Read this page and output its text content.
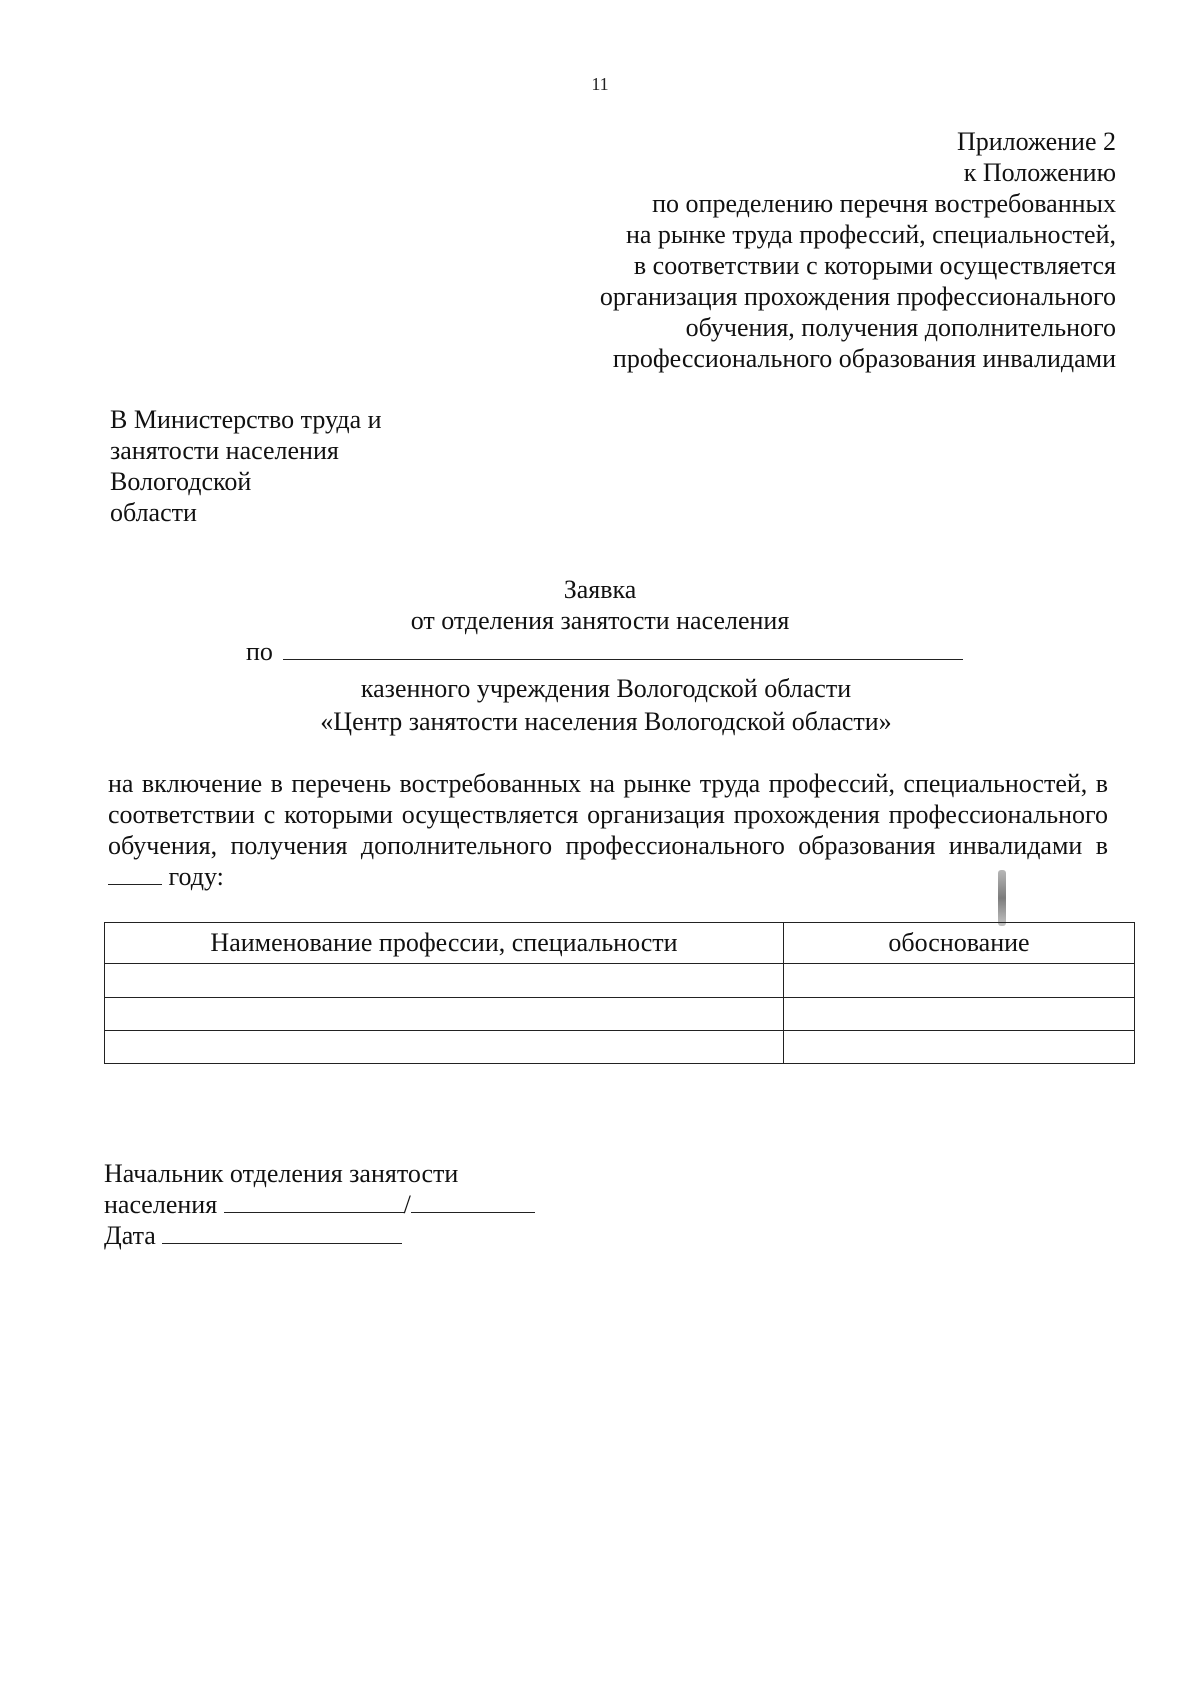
11
Приложение 2
к Положению
по определению перечня востребованных
на рынке труда профессий, специальностей,
в соответствии с которыми осуществляется
организация прохождения профессионального
обучения, получения дополнительного
профессионального образования инвалидами
В Министерство труда и
занятости населения
Вологодской
области
Заявка
от отделения занятости населения
по
казенного учреждения Вологодской области
«Центр занятости населения Вологодской области»
на включение в перечень востребованных на рынке труда профессий, специальностей, в соответствии с которыми осуществляется организация прохождения профессионального обучения, получения дополнительного профессионального образования инвалидами в  году:
Наименование профессии, специальности	обоснование

Начальник отделения занятости
населения	/
Дата
